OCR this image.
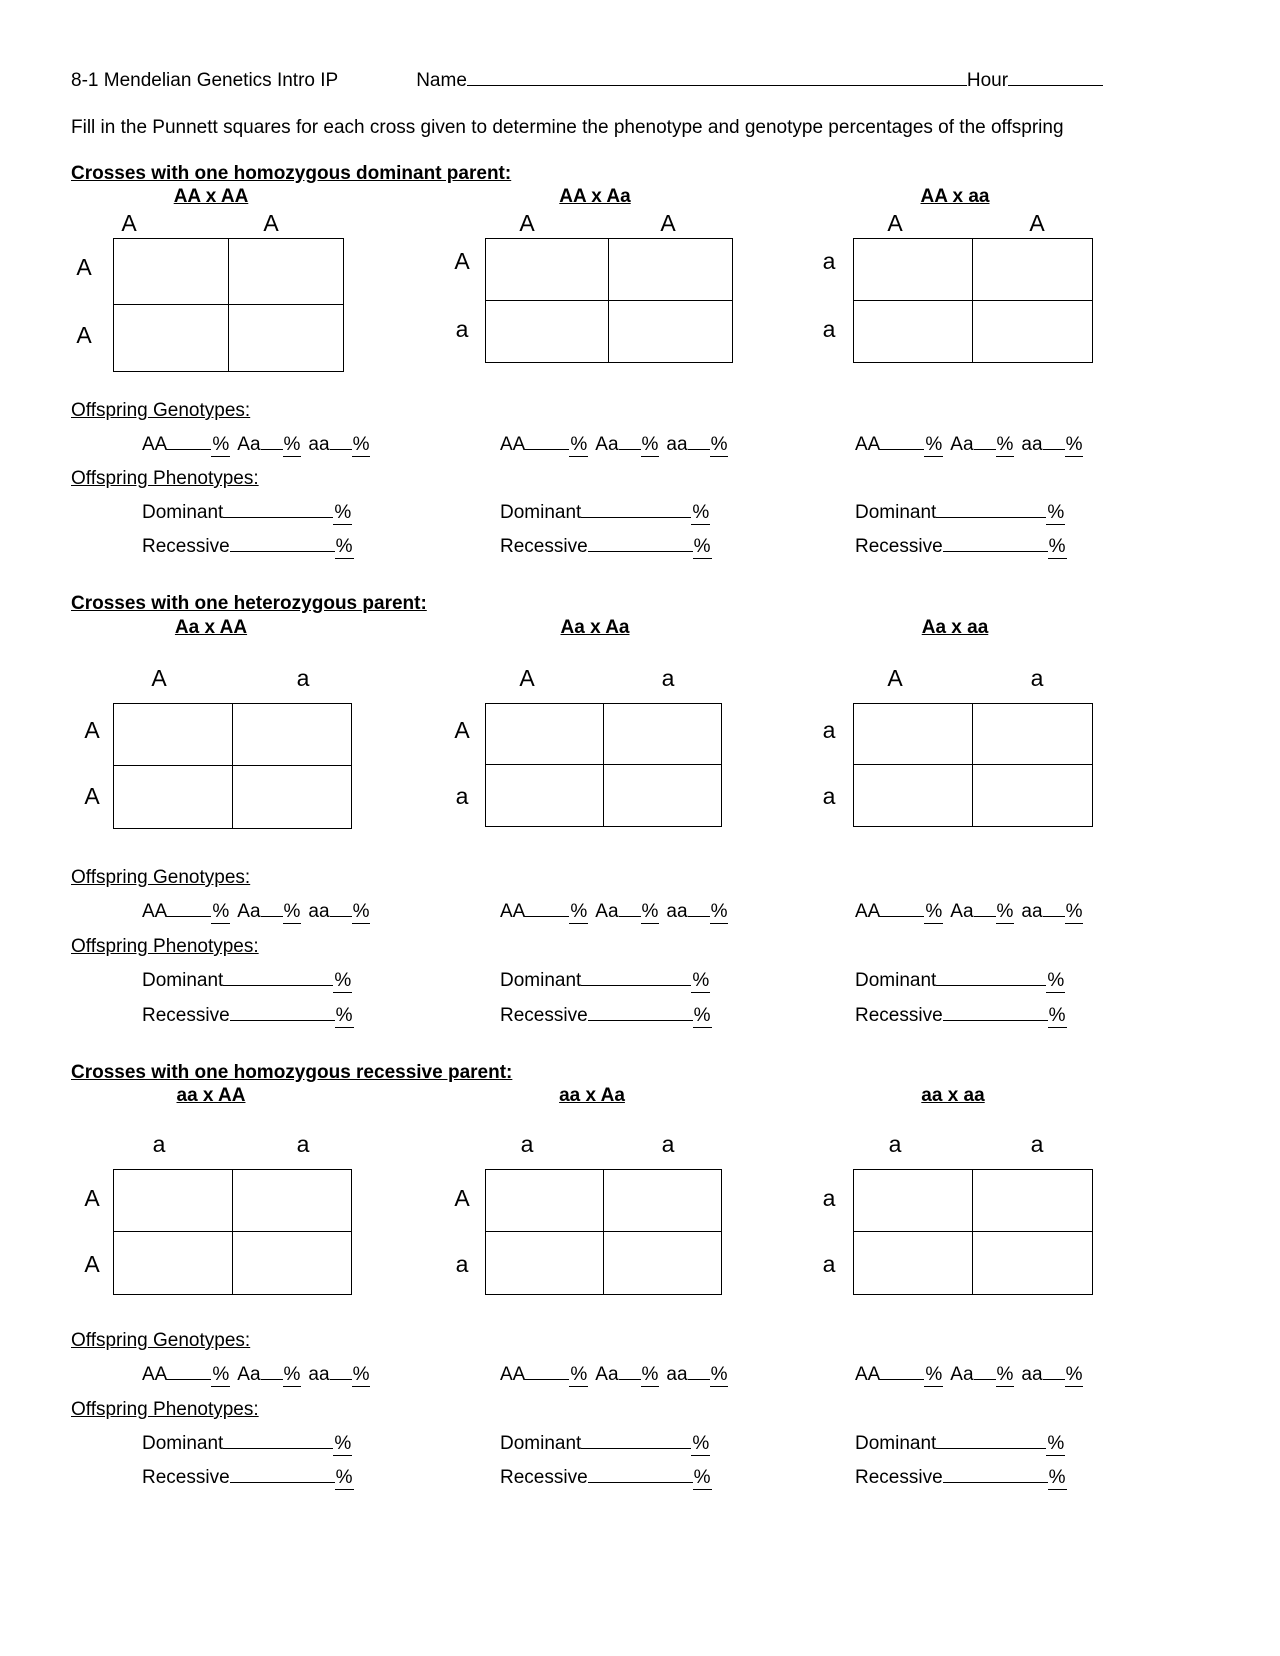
8-1 Mendelian Genetics Intro IP	Name	Hour
Fill in the Punnett squares for each cross given to determine the phenotype and genotype percentages of the offspring
Crosses with one homozygous dominant parent:
AA x AA
A	A
A
A
AA x Aa
A	A
A
a
AA x aa
A	A
a
a
Offspring Genotypes:
AA % Aa % aa %	AA % Aa % aa %	AA % Aa % aa %
Offspring Phenotypes:
Dominant	%	Dominant	%	Dominant	%
Recessive	%	Recessive	%	Recessive	%
Crosses with one heterozygous parent:
Aa x AA
A	a
A
A
Aa x Aa
A	a
A
a
Aa x aa
A	a
a
a
Offspring Genotypes:
AA % Aa % aa %	AA % Aa % aa %	AA % Aa % aa %
Offspring Phenotypes:
Dominant	%	Dominant	%	Dominant	%
Recessive	%	Recessive	%	Recessive	%
Crosses with one homozygous recessive parent:
aa x AA
a	a
A
A
aa x Aa
a	a
A
a
aa x aa
a	a
a
a
Offspring Genotypes:
AA % Aa % aa %	AA % Aa % aa %	AA % Aa % aa %
Offspring Phenotypes:
Dominant	%	Dominant	%	Dominant	%
Recessive	%	Recessive	%	Recessive	%
